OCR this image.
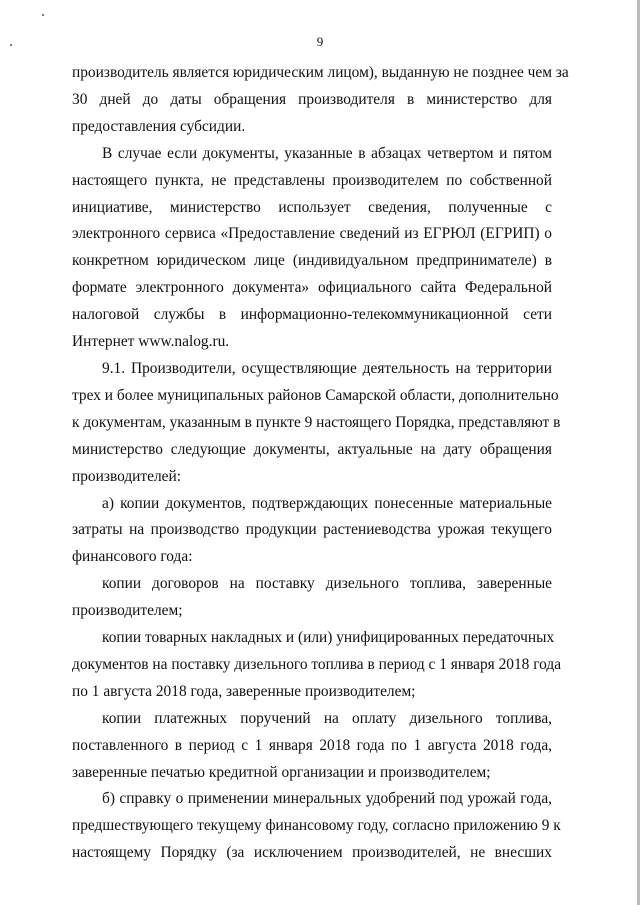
9

производитель является юридическим лицом), выданную не позднее чем за
30 дней до даты обращения производителя в министерство для
предоставления субсидии.

В случае если документы, указанные в абзацах четвертом и пятом
настоящего пункта, не представлены производителем по собственной
инициативе, министерство использует сведения, полученные с
электронного сервиса «Предоставление сведений из ЕГРЮЛ (ЕГРИП) о
конкретном юридическом лице (индивидуальном предпринимателе) в
формате электронного документа» официального сайта Федеральной
налоговой службы в информационно-телекоммуникационной сети
Интернет www.nalog.ru.

9.1. Производители, осуществляющие деятельность на территории
трех и более муниципальных районов Самарской области, дополнительно
к документам, указанным в пункте 9 настоящего Порядка, представляют в
министерство следующие документы, актуальные на дату обращения
производителей:

а) копии документов, подтверждающих понесенные материальные
затраты на производство продукции растениеводства урожая текущего
финансового года:

копии договоров на поставку дизельного топлива, заверенные
производителем;

копии товарных накладных и (или) унифицированных передаточных
документов на поставку дизельного топлива в период с 1 января 2018 года
по 1 августа 2018 года, заверенные производителем;

копии платежных поручений на оплату дизельного топлива,
поставленного в период с 1 января 2018 года по 1 августа 2018 года,
заверенные печатью кредитной организации и производителем;

б) справку о применении минеральных удобрений под урожай года,
предшествующего текущему финансовому году, согласно приложению 9 к
настоящему Порядку (за исключением производителей, не внесших
